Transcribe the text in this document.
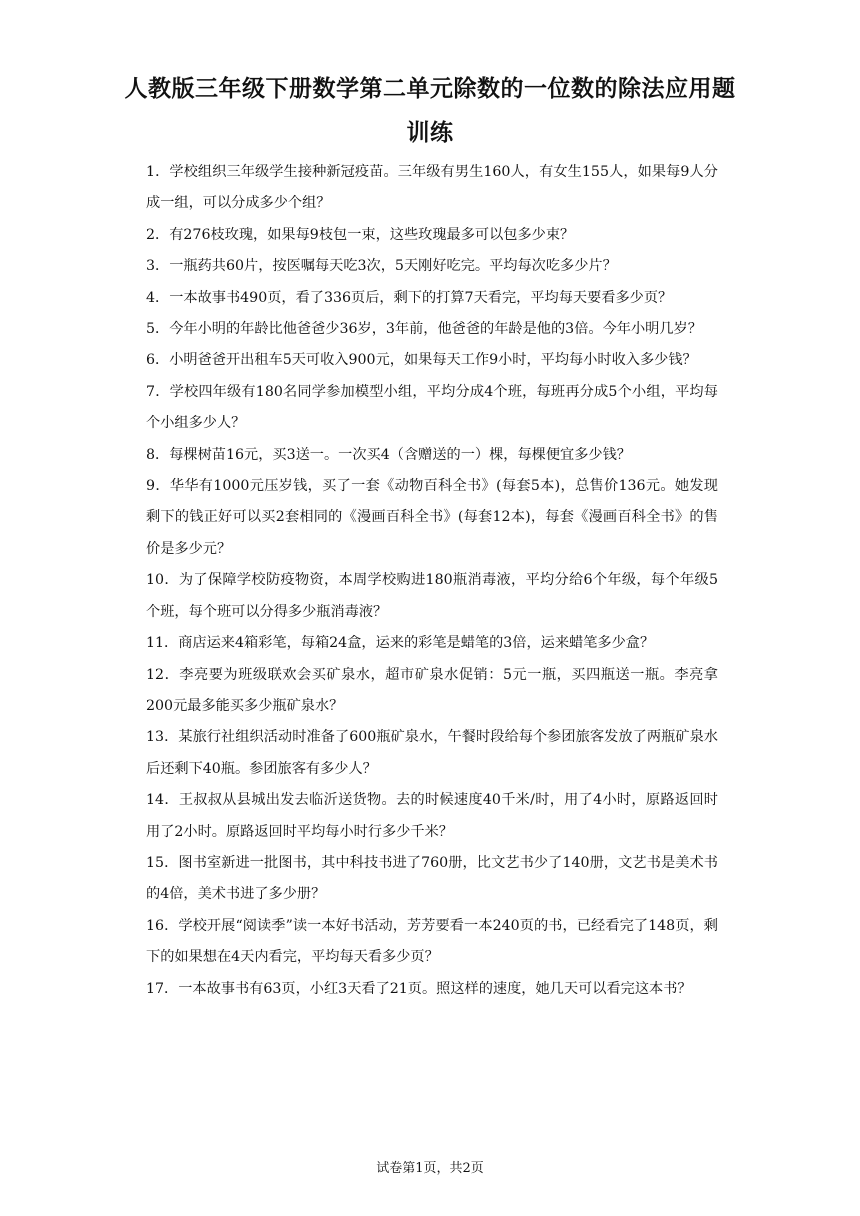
人教版三年级下册数学第二单元除数的一位数的除法应用题
训练

1．学校组织三年级学生接种新冠疫苗。三年级有男生160人，有女生155人，如果每9人分成一组，可以分成多少个组？

2．有276枝玫瑰，如果每9枝包一束，这些玫瑰最多可以包多少束？

3．一瓶药共60片，按医嘱每天吃3次，5天刚好吃完。平均每次吃多少片？

4．一本故事书490页，看了336页后，剩下的打算7天看完，平均每天要看多少页？

5．今年小明的年龄比他爸爸少36岁，3年前，他爸爸的年龄是他的3倍。今年小明几岁？

6．小明爸爸开出租车5天可收入900元，如果每天工作9小时，平均每小时收入多少钱？

7．学校四年级有180名同学参加模型小组，平均分成4个班，每班再分成5个小组，平均每个小组多少人？

8．每棵树苗16元，买3送一。一次买4（含赠送的一）棵，每棵便宜多少钱？

9．华华有1000元压岁钱，买了一套《动物百科全书》(每套5本)，总售价136元。她发现剩下的钱正好可以买2套相同的《漫画百科全书》(每套12本)，每套《漫画百科全书》的售价是多少元？

10．为了保障学校防疫物资，本周学校购进180瓶消毒液，平均分给6个年级，每个年级5个班，每个班可以分得多少瓶消毒液？

11．商店运来4箱彩笔，每箱24盒，运来的彩笔是蜡笔的3倍，运来蜡笔多少盒？

12．李亮要为班级联欢会买矿泉水，超市矿泉水促销：5元一瓶，买四瓶送一瓶。李亮拿200元最多能买多少瓶矿泉水？

13．某旅行社组织活动时准备了600瓶矿泉水，午餐时段给每个参团旅客发放了两瓶矿泉水后还剩下40瓶。参团旅客有多少人？

14．王叔叔从县城出发去临沂送货物。去的时候速度40千米/时，用了4小时，原路返回时用了2小时。原路返回时平均每小时行多少千米？

15．图书室新进一批图书，其中科技书进了760册，比文艺书少了140册，文艺书是美术书的4倍，美术书进了多少册？

16．学校开展“阅读季”读一本好书活动，芳芳要看一本240页的书，已经看完了148页，剩下的如果想在4天内看完，平均每天看多少页？

17．一本故事书有63页，小红3天看了21页。照这样的速度，她几天可以看完这本书？

试卷第1页，共2页
